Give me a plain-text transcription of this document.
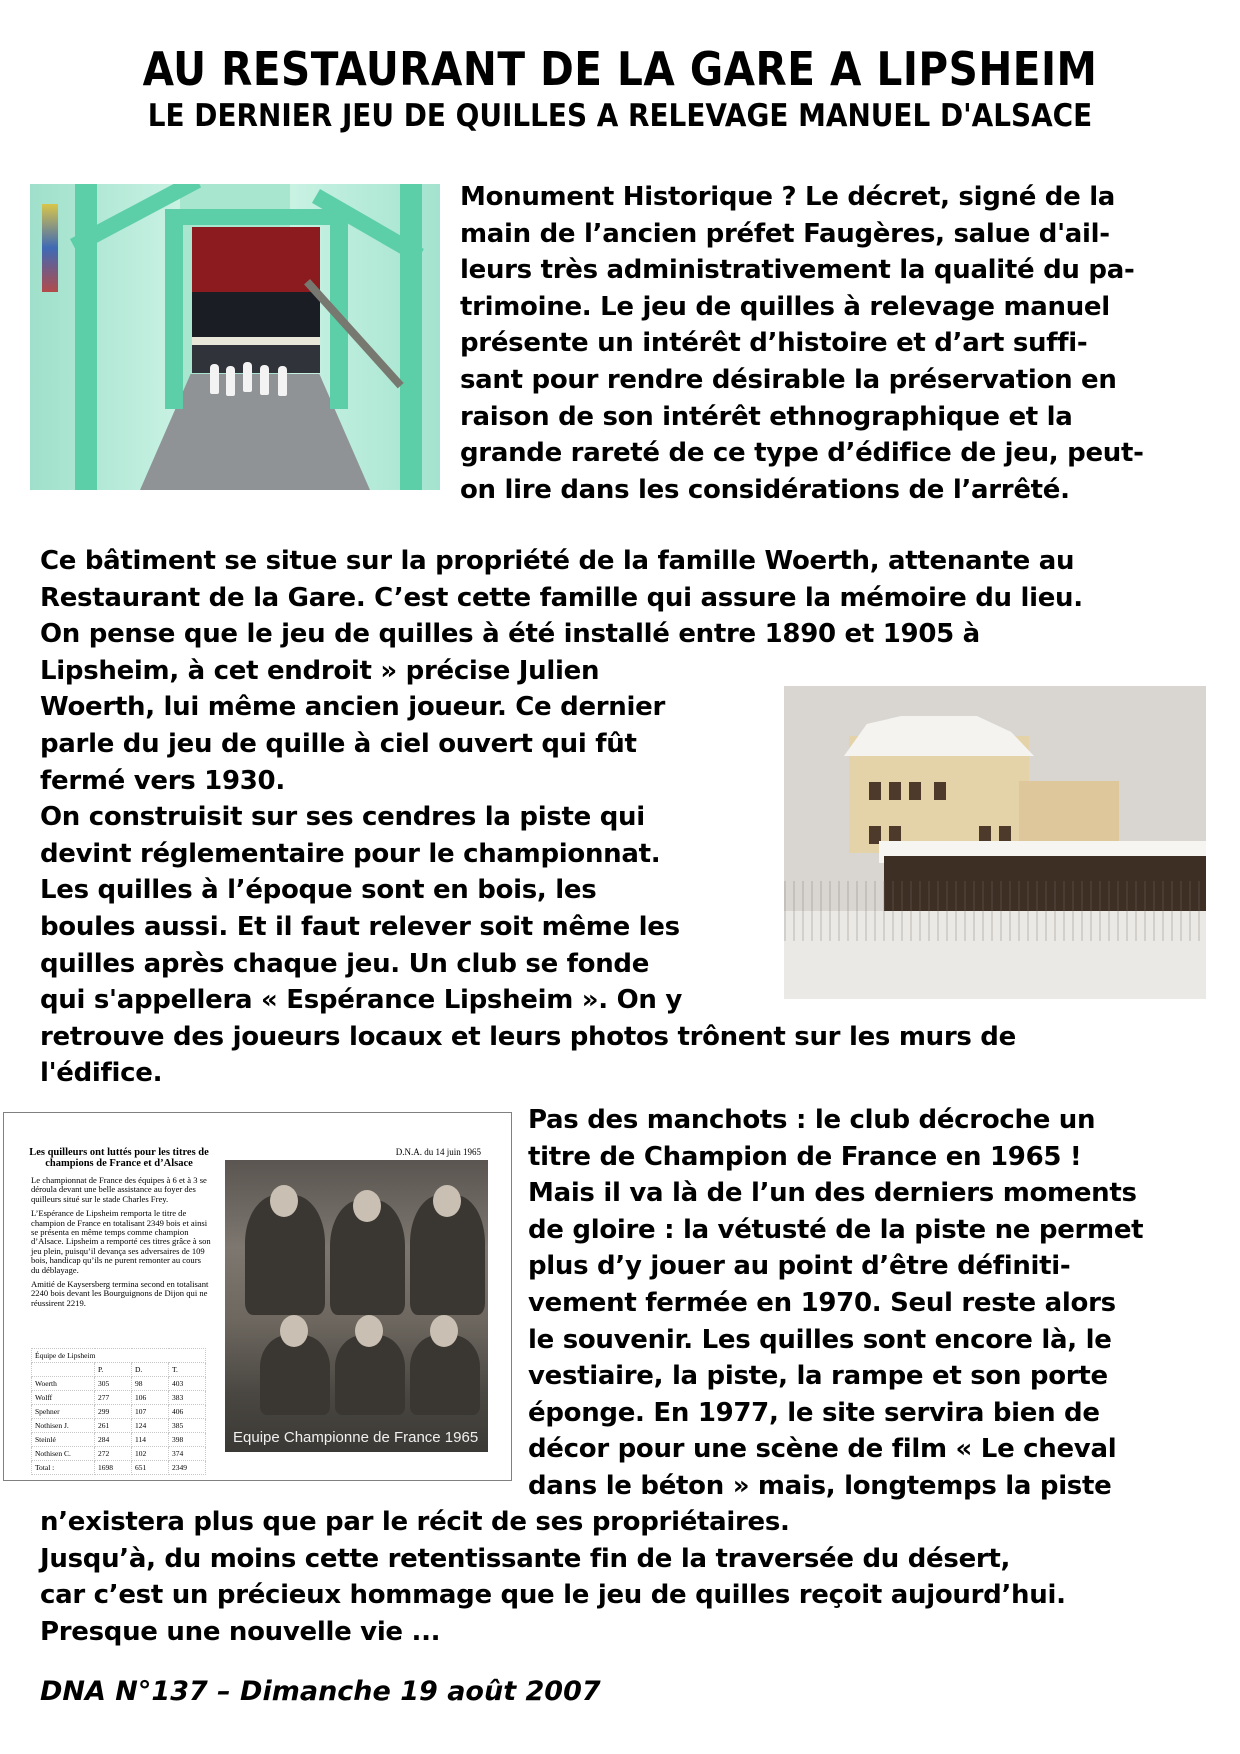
AU RESTAURANT DE LA GARE A LIPSHEIM
LE DERNIER JEU DE QUILLES A RELEVAGE MANUEL D'ALSACE
Monument Historique ? Le décret, signé de la
main de l’ancien préfet Faugères, salue d'ail-
leurs très administrativement la qualité du pa-
trimoine. Le jeu de quilles à relevage manuel
présente un intérêt d’histoire et d’art suffi-
sant pour rendre désirable la préservation en
raison de son intérêt ethnographique et la
grande rareté de ce type d’édifice de jeu, peut-
on lire dans les considérations de l’arrêté.
Ce bâtiment se situe sur la propriété de la famille Woerth, attenante au
Restaurant de la Gare. C’est cette famille qui assure la mémoire du lieu.
On pense que le jeu de quilles à été installé entre 1890 et 1905 à
Lipsheim, à cet endroit » précise Julien
Woerth, lui même ancien joueur. Ce dernier
parle du jeu de quille à ciel ouvert qui fût
fermé vers 1930.
On construisit sur ses cendres la piste qui
devint réglementaire pour le championnat.
Les quilles à l’époque sont en bois, les
boules aussi. Et il faut relever soit même les
quilles après chaque jeu. Un club se fonde
qui s'appellera « Espérance Lipsheim ». On y
retrouve des joueurs locaux et leurs photos trônent sur les murs de
l'édifice.
Les quilleurs ont luttés pour les titres de champions de France et d’Alsace
D.N.A. du 14 juin 1965

Le championnat de France des équipes à 6 et à 3 se déroula devant une belle assistance au foyer des quilleurs situé sur le stade Charles Frey.

L’Espérance de Lipsheim remporta le titre de champion de France en totalisant 2349 bois et ainsi se présenta en même temps comme champion d’Alsace. Lipsheim a remporté ces titres grâce à son jeu plein, puisqu’il devança ses adversaires de 109 bois, handicap qu’ils ne purent remonter au cours du déblayage.

Amitié de Kaysersberg termina second en totalisant 2240 bois devant les Bourguignons de Dijon qui ne réussirent 2219.

Equipe Championne de France 1965
Équipe de Lipsheim			
	P.	D.	T.
Woerth	305	98	403
Wolff	277	106	383
Spehner	299	107	406
Nothisen J.	261	124	385
Steinlé	284	114	398
Nothisen C.	272	102	374
Total :	1698	651	2349
Pas des manchots : le club décroche un
titre de Champion de France en 1965 !
Mais il va là de l’un des derniers moments
de gloire : la vétusté de la piste ne permet
plus d’y jouer au point d’être définiti-
vement fermée en 1970. Seul reste alors
le souvenir. Les quilles sont encore là, le
vestiaire, la piste, la rampe et son porte
éponge. En 1977, le site servira bien de
décor pour une scène de film « Le cheval
dans le béton » mais, longtemps la piste
n’existera plus que par le récit de ses propriétaires.
Jusqu’à, du moins cette retentissante fin de la traversée du désert,
car c’est un précieux hommage que le jeu de quilles reçoit aujourd’hui.
Presque une nouvelle vie ...
DNA N°137 – Dimanche 19 août 2007
